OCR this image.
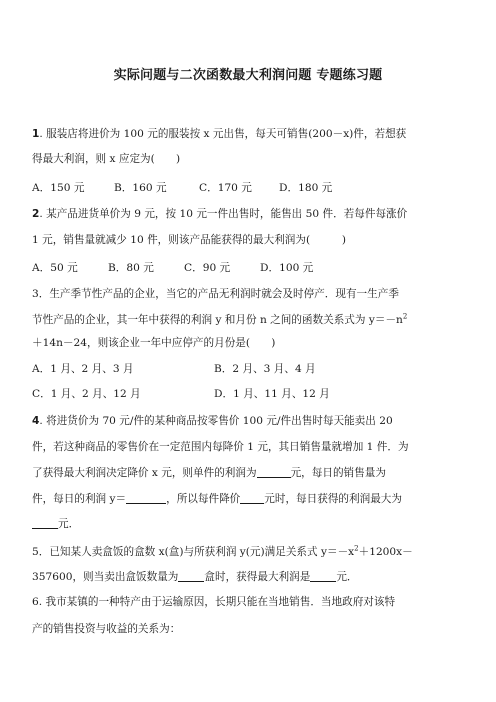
实际问题与二次函数最大利润问题 专题练习题
1. 服装店将进价为 100 元的服装按 x 元出售，每天可销售(200－x)件，若想获
得最大利润，则 x 应定为(　　)
A．150 元	B．160 元	C．170 元	D．180 元
2. 某产品进货单价为 9 元，按 10 元一件出售时，能售出 50 件．若每件每涨价
1 元，销售量就减少 10 件，则该产品能获得的最大利润为(　　　)
A．50 元	B．80 元	C．90 元	D．100 元
3．生产季节性产品的企业，当它的产品无利润时就会及时停产．现有一生产季
节性产品的企业，其一年中获得的利润 y 和月份 n 之间的函数关系式为 $y=-n^2$
＋14n－24，则该企业一年中应停产的月份是(　　)
A．1 月、2 月、3 月	B．2 月、3 月、4 月
C．1 月、2 月、12 月	D．1 月、11 月、12 月
4. 将进货价为 70 元/件的某种商品按零售价 100 元/件出售时每天能卖出 20
件，若这种商品的零售价在一定范围内每降价 1 元，其日销售量就增加 1 件．为
了获得最大利润决定降价 x 元，则单件的利润为	元，每日的销售量为
件，每日的利润 y＝	，所以每件降价 元时，每日获得的利润最大为
元．
5．已知某人卖盒饭的盒数 x(盒)与所获利润 y(元)满足关系式 $y=-x^2+1200x-$
357600，则当卖出盒饭数量为 盒时，获得最大利润是 元．
6. 我市某镇的一种特产由于运输原因，长期只能在当地销售．当地政府对该特
产的销售投资与收益的关系为：
